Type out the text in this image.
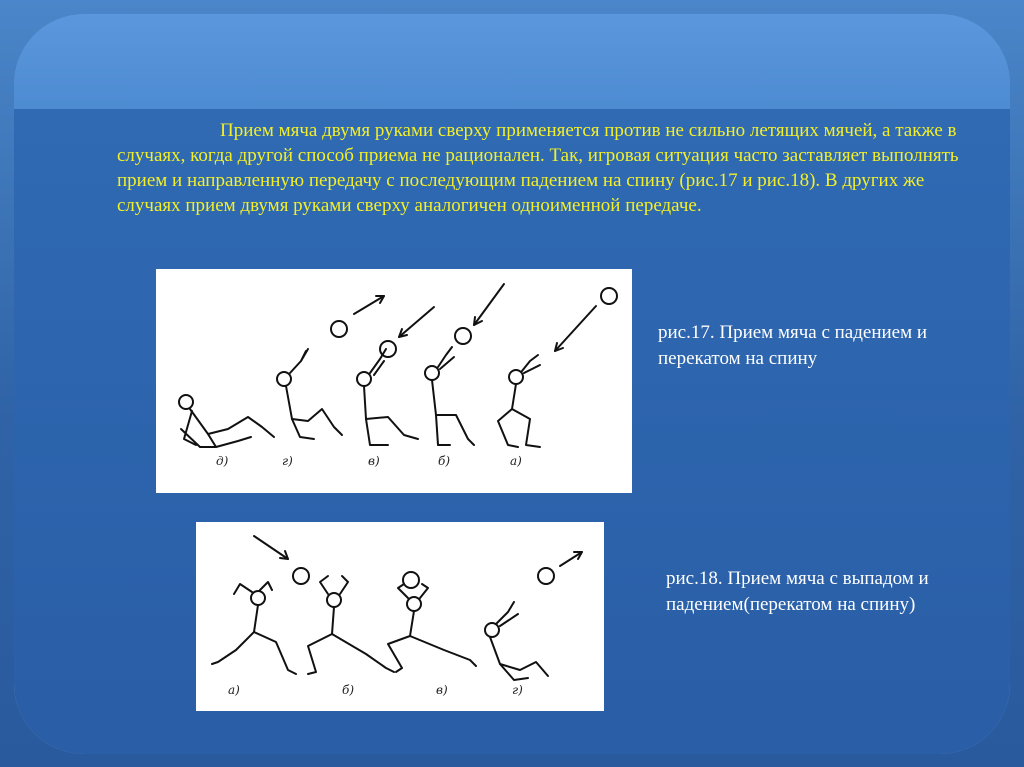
Прием мяча двумя руками сверху применяется против не сильно летящих мячей, а также в случаях, когда другой способ приема не рационален. Так, игровая ситуация часто заставляет выполнять прием и направленную передачу с последующим падением на спину (рис.17 и рис.18). В других же случаях прием двумя руками сверху аналогичен одноименной передаче.

д)	г)	в)	б)	а)

рис.17. Прием мяча с падением и перекатом на спину

а)	б)	в)	г)

рис.18. Прием мяча с выпадом и падением(перекатом на спину)
